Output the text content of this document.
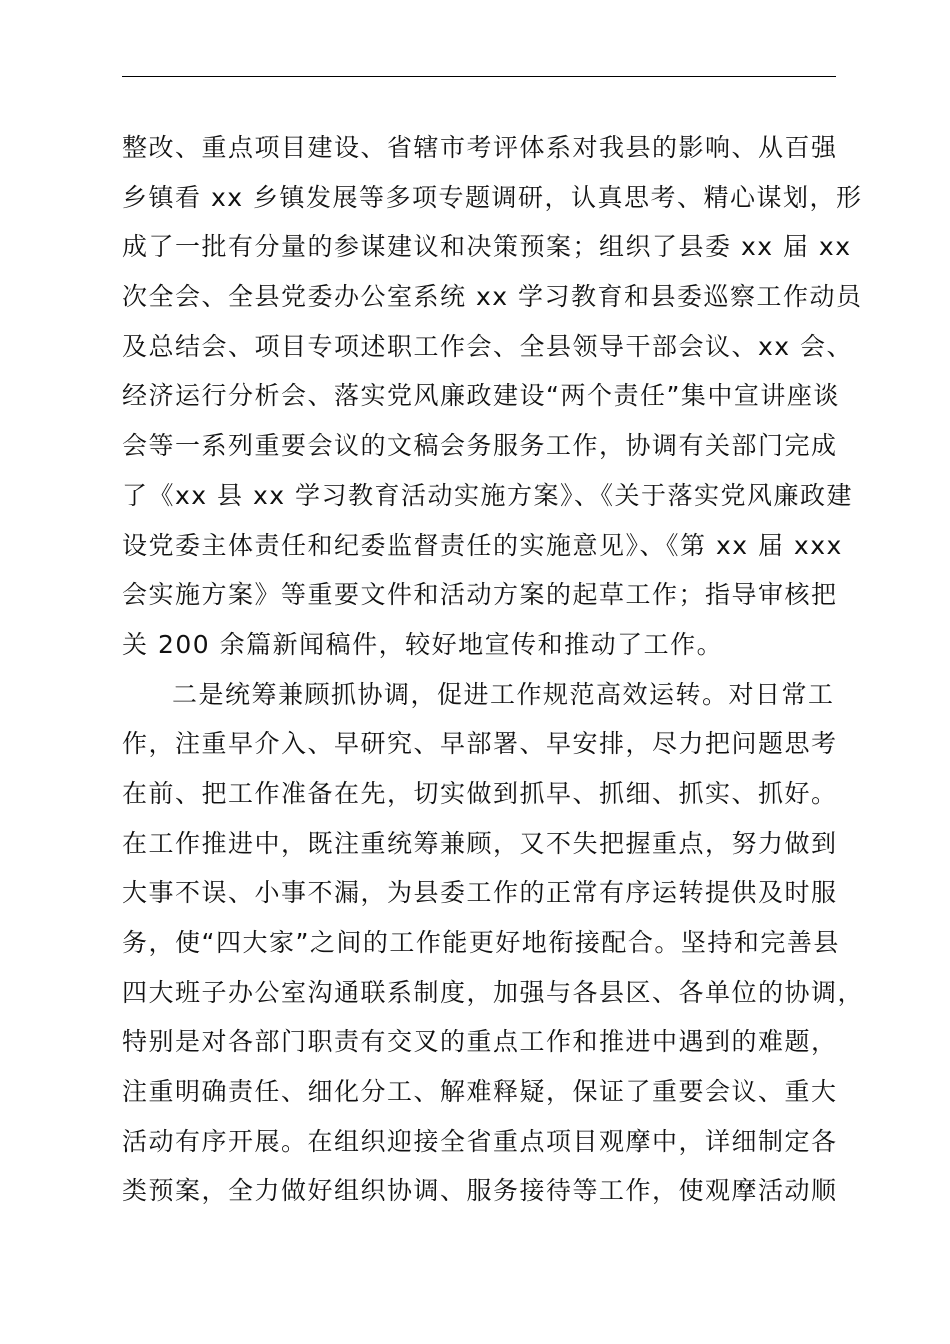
整改、重点项目建设、省辖市考评体系对我县的影响、从百强
乡镇看 xx 乡镇发展等多项专题调研，认真思考、精心谋划，形
成了一批有分量的参谋建议和决策预案；组织了县委 xx 届 xx
次全会、全县党委办公室系统 xx 学习教育和县委巡察工作动员
及总结会、项目专项述职工作会、全县领导干部会议、xx 会、
经济运行分析会、落实党风廉政建设“两个责任”集中宣讲座谈
会等一系列重要会议的文稿会务服务工作，协调有关部门完成
了《xx 县 xx 学习教育活动实施方案》、《关于落实党风廉政建
设党委主体责任和纪委监督责任的实施意见》、《第 xx 届 xxx
会实施方案》等重要文件和活动方案的起草工作；指导审核把
关 200 余篇新闻稿件，较好地宣传和推动了工作。
二是统筹兼顾抓协调，促进工作规范高效运转。对日常工
作，注重早介入、早研究、早部署、早安排，尽力把问题思考
在前、把工作准备在先，切实做到抓早、抓细、抓实、抓好。
在工作推进中，既注重统筹兼顾，又不失把握重点，努力做到
大事不误、小事不漏，为县委工作的正常有序运转提供及时服
务，使“四大家”之间的工作能更好地衔接配合。坚持和完善县
四大班子办公室沟通联系制度，加强与各县区、各单位的协调，
特别是对各部门职责有交叉的重点工作和推进中遇到的难题，
注重明确责任、细化分工、解难释疑，保证了重要会议、重大
活动有序开展。在组织迎接全省重点项目观摩中，详细制定各
类预案，全力做好组织协调、服务接待等工作，使观摩活动顺
